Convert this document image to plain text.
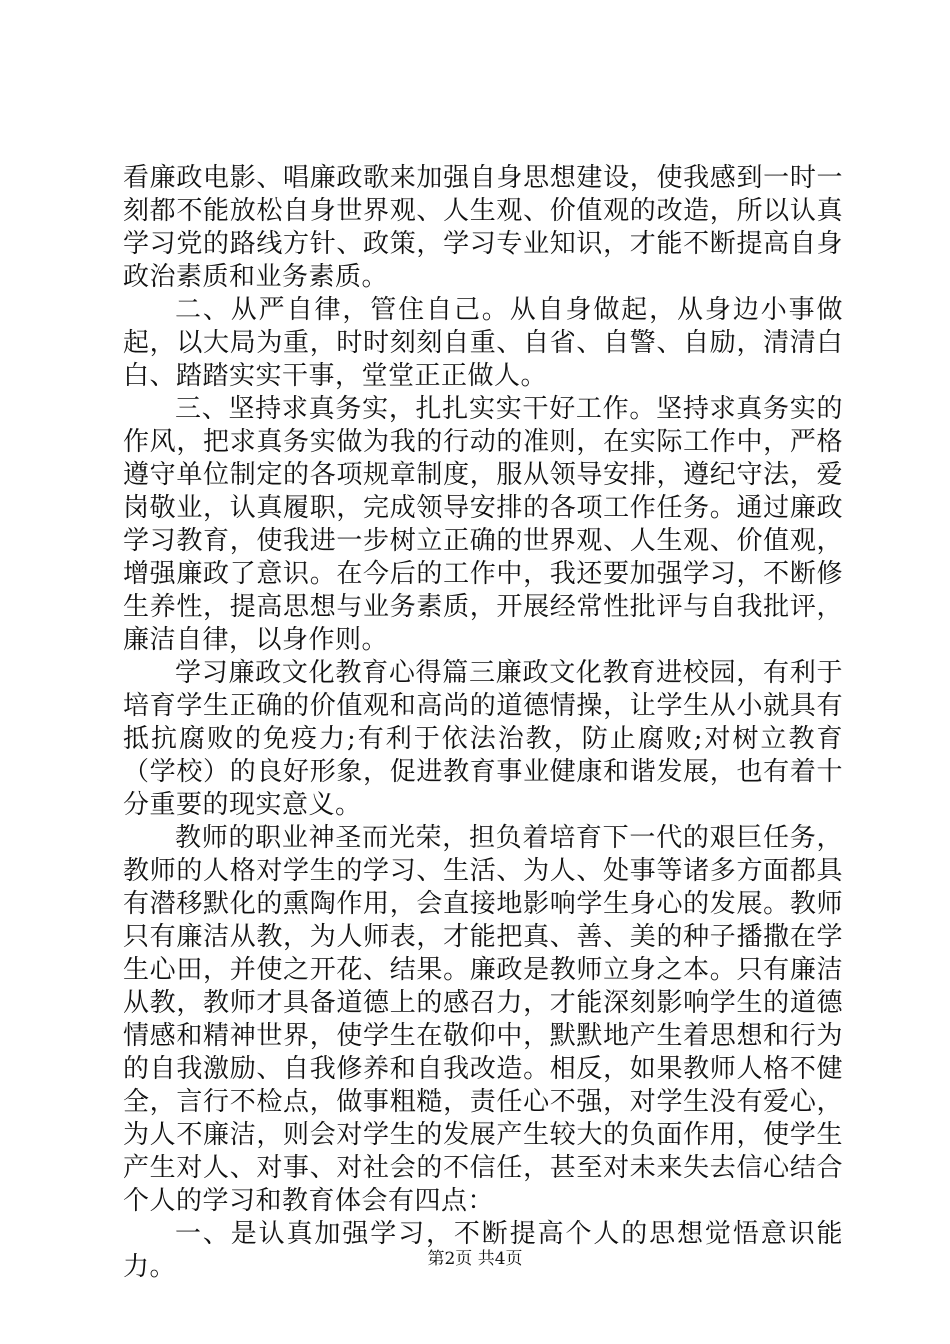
看廉政电影、唱廉政歌来加强自身思想建设，使我感到一时一刻都不能放松自身世界观、人生观、价值观的改造，所以认真学习党的路线方针、政策，学习专业知识，才能不断提高自身政治素质和业务素质。

二、从严自律，管住自己。从自身做起，从身边小事做起，以大局为重，时时刻刻自重、自省、自警、自励，清清白白、踏踏实实干事，堂堂正正做人。

三、坚持求真务实，扎扎实实干好工作。坚持求真务实的作风，把求真务实做为我的行动的准则，在实际工作中，严格遵守单位制定的各项规章制度，服从领导安排，遵纪守法，爱岗敬业，认真履职，完成领导安排的各项工作任务。通过廉政学习教育，使我进一步树立正确的世界观、人生观、价值观，增强廉政了意识。在今后的工作中，我还要加强学习，不断修生养性，提高思想与业务素质，开展经常性批评与自我批评，廉洁自律，以身作则。

学习廉政文化教育心得篇三廉政文化教育进校园，有利于培育学生正确的价值观和高尚的道德情操，让学生从小就具有抵抗腐败的免疫力;有利于依法治教，防止腐败;对树立教育（学校）的良好形象，促进教育事业健康和谐发展，也有着十分重要的现实意义。

教师的职业神圣而光荣，担负着培育下一代的艰巨任务，教师的人格对学生的学习、生活、为人、处事等诸多方面都具有潜移默化的熏陶作用，会直接地影响学生身心的发展。教师只有廉洁从教，为人师表，才能把真、善、美的种子播撒在学生心田，并使之开花、结果。廉政是教师立身之本。只有廉洁从教，教师才具备道德上的感召力，才能深刻影响学生的道德情感和精神世界，使学生在敬仰中，默默地产生着思想和行为的自我激励、自我修养和自我改造。相反，如果教师人格不健全，言行不检点，做事粗糙，责任心不强，对学生没有爱心，为人不廉洁，则会对学生的发展产生较大的负面作用，使学生产生对人、对事、对社会的不信任，甚至对未来失去信心结合个人的学习和教育体会有四点：

一、是认真加强学习，不断提高个人的思想觉悟意识能力。	第2页 共4页
